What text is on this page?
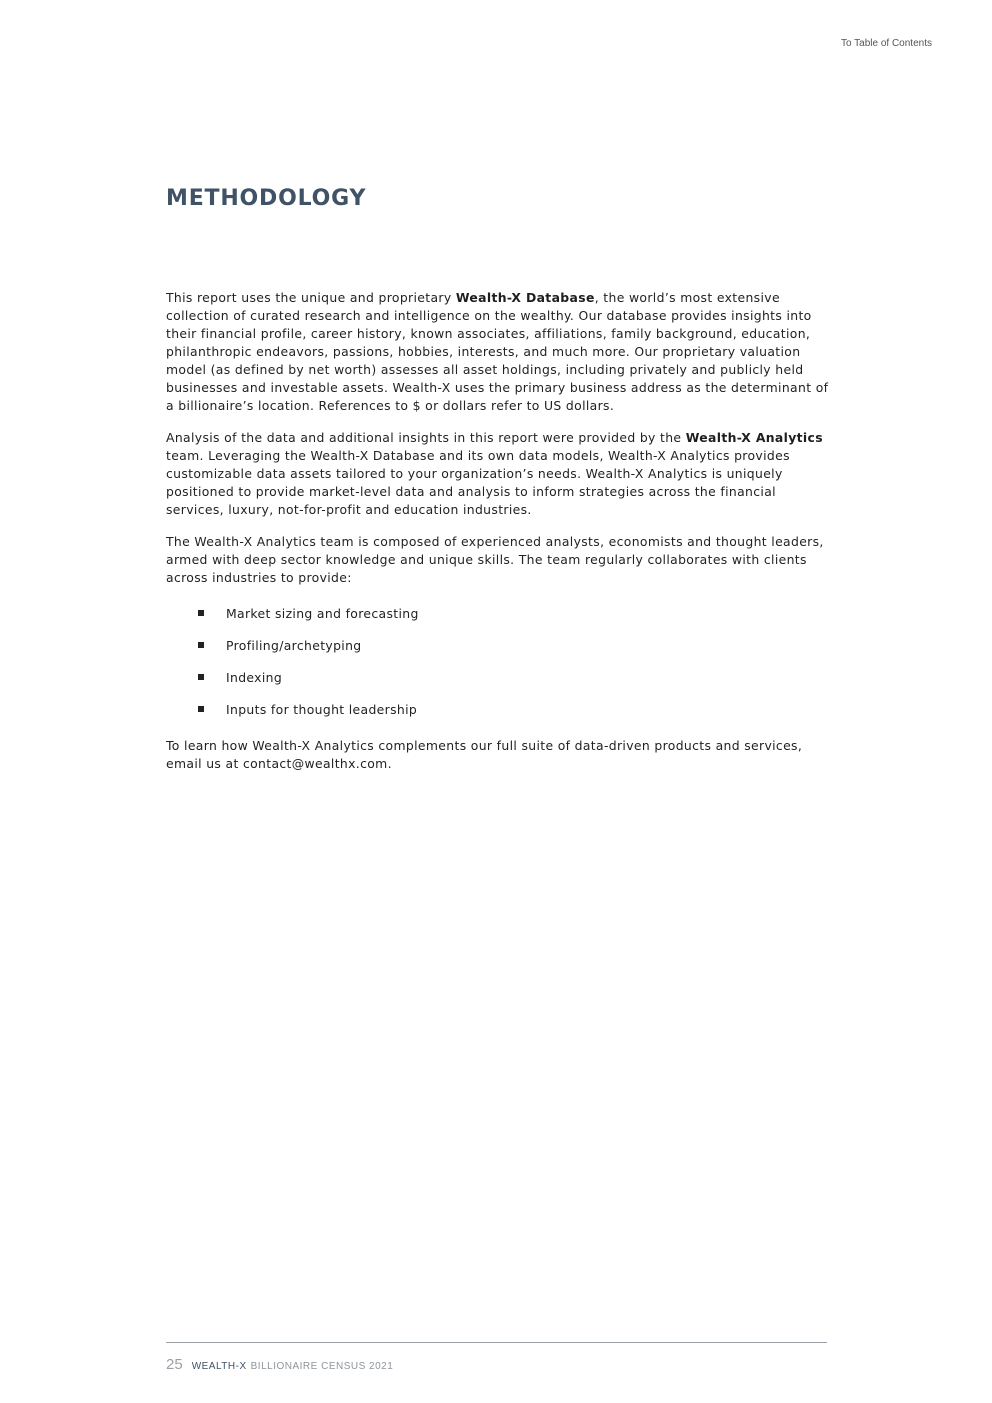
To Table of Contents
METHODOLOGY

This report uses the unique and proprietary Wealth-X Database, the world’s most extensive collection of curated research and intelligence on the wealthy. Our database provides insights into their financial profile, career history, known associates, affiliations, family background, education, philanthropic endeavors, passions, hobbies, interests, and much more. Our proprietary valuation model (as defined by net worth) assesses all asset holdings, including privately and publicly held businesses and investable assets. Wealth-X uses the primary business address as the determinant of a billionaire’s location. References to $ or dollars refer to US dollars.

Analysis of the data and additional insights in this report were provided by the Wealth-X Analytics team. Leveraging the Wealth-X Database and its own data models, Wealth-X Analytics provides customizable data assets tailored to your organization’s needs. Wealth-X Analytics is uniquely positioned to provide market-level data and analysis to inform strategies across the financial services, luxury, not-for-profit and education industries.

The Wealth-X Analytics team is composed of experienced analysts, economists and thought leaders, armed with deep sector knowledge and unique skills. The team regularly collaborates with clients across industries to provide:

Market sizing and forecasting
Profiling/archetyping
Indexing
Inputs for thought leadership

To learn how Wealth-X Analytics complements our full suite of data-driven products and services, email us at contact@wealthx.com.

25 WEALTH-X BILLIONAIRE CENSUS 2021
